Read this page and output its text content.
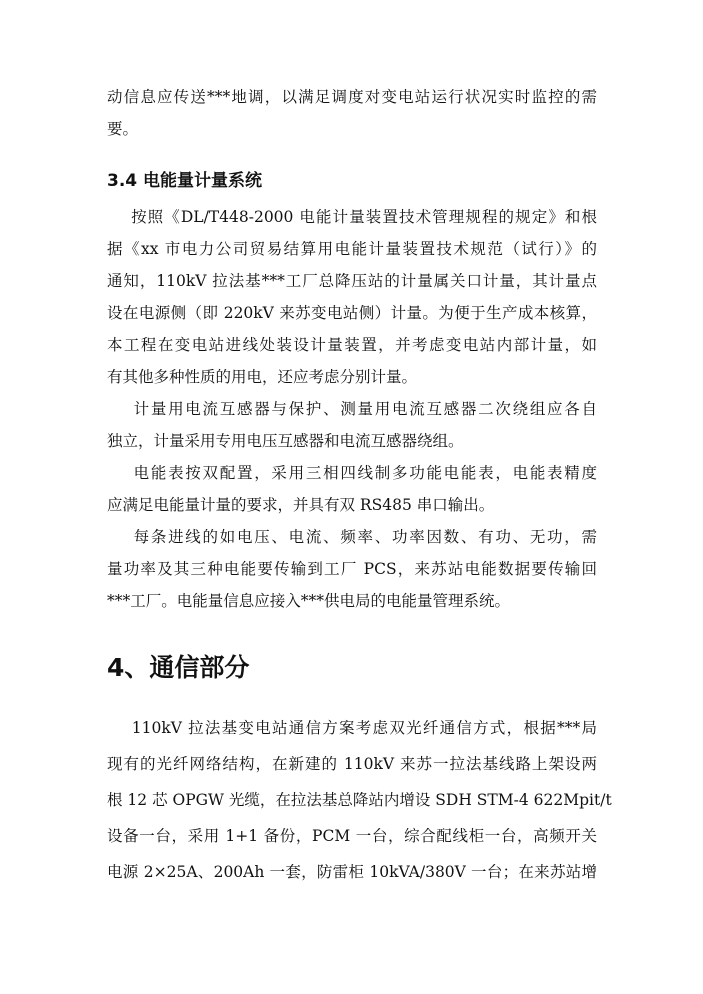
动信息应传送***地调，以满足调度对变电站运行状况实时监控的需
要。
3.4 电能量计量系统
按照《DL/T448-2000 电能计量装置技术管理规程的规定》和根
据《xx 市电力公司贸易结算用电能计量装置技术规范（试行）》的
通知，110kV 拉法基***工厂总降压站的计量属关口计量，其计量点
设在电源侧（即 220kV 来苏变电站侧）计量。为便于生产成本核算，
本工程在变电站进线处装设计量装置，并考虑变电站内部计量，如
有其他多种性质的用电，还应考虑分别计量。
计量用电流互感器与保护、测量用电流互感器二次绕组应各自
独立，计量采用专用电压互感器和电流互感器绕组。
电能表按双配置，采用三相四线制多功能电能表，电能表精度
应满足电能量计量的要求，并具有双 RS485 串口输出。
每条进线的如电压、电流、频率、功率因数、有功、无功，需
量功率及其三种电能要传输到工厂 PCS，来苏站电能数据要传输回
***工厂。电能量信息应接入***供电局的电能量管理系统。
4、通信部分
110kV 拉法基变电站通信方案考虑双光纤通信方式，根据***局
现有的光纤网络结构，在新建的 110kV 来苏一拉法基线路上架设两
根 12 芯 OPGW 光缆，在拉法基总降站内增设 SDH STM-4 622Mpit/t
设备一台，采用 1+1 备份，PCM 一台，综合配线柜一台，高频开关
电源 2×25A、200Ah 一套，防雷柜 10kVA/380V 一台；在来苏站增
